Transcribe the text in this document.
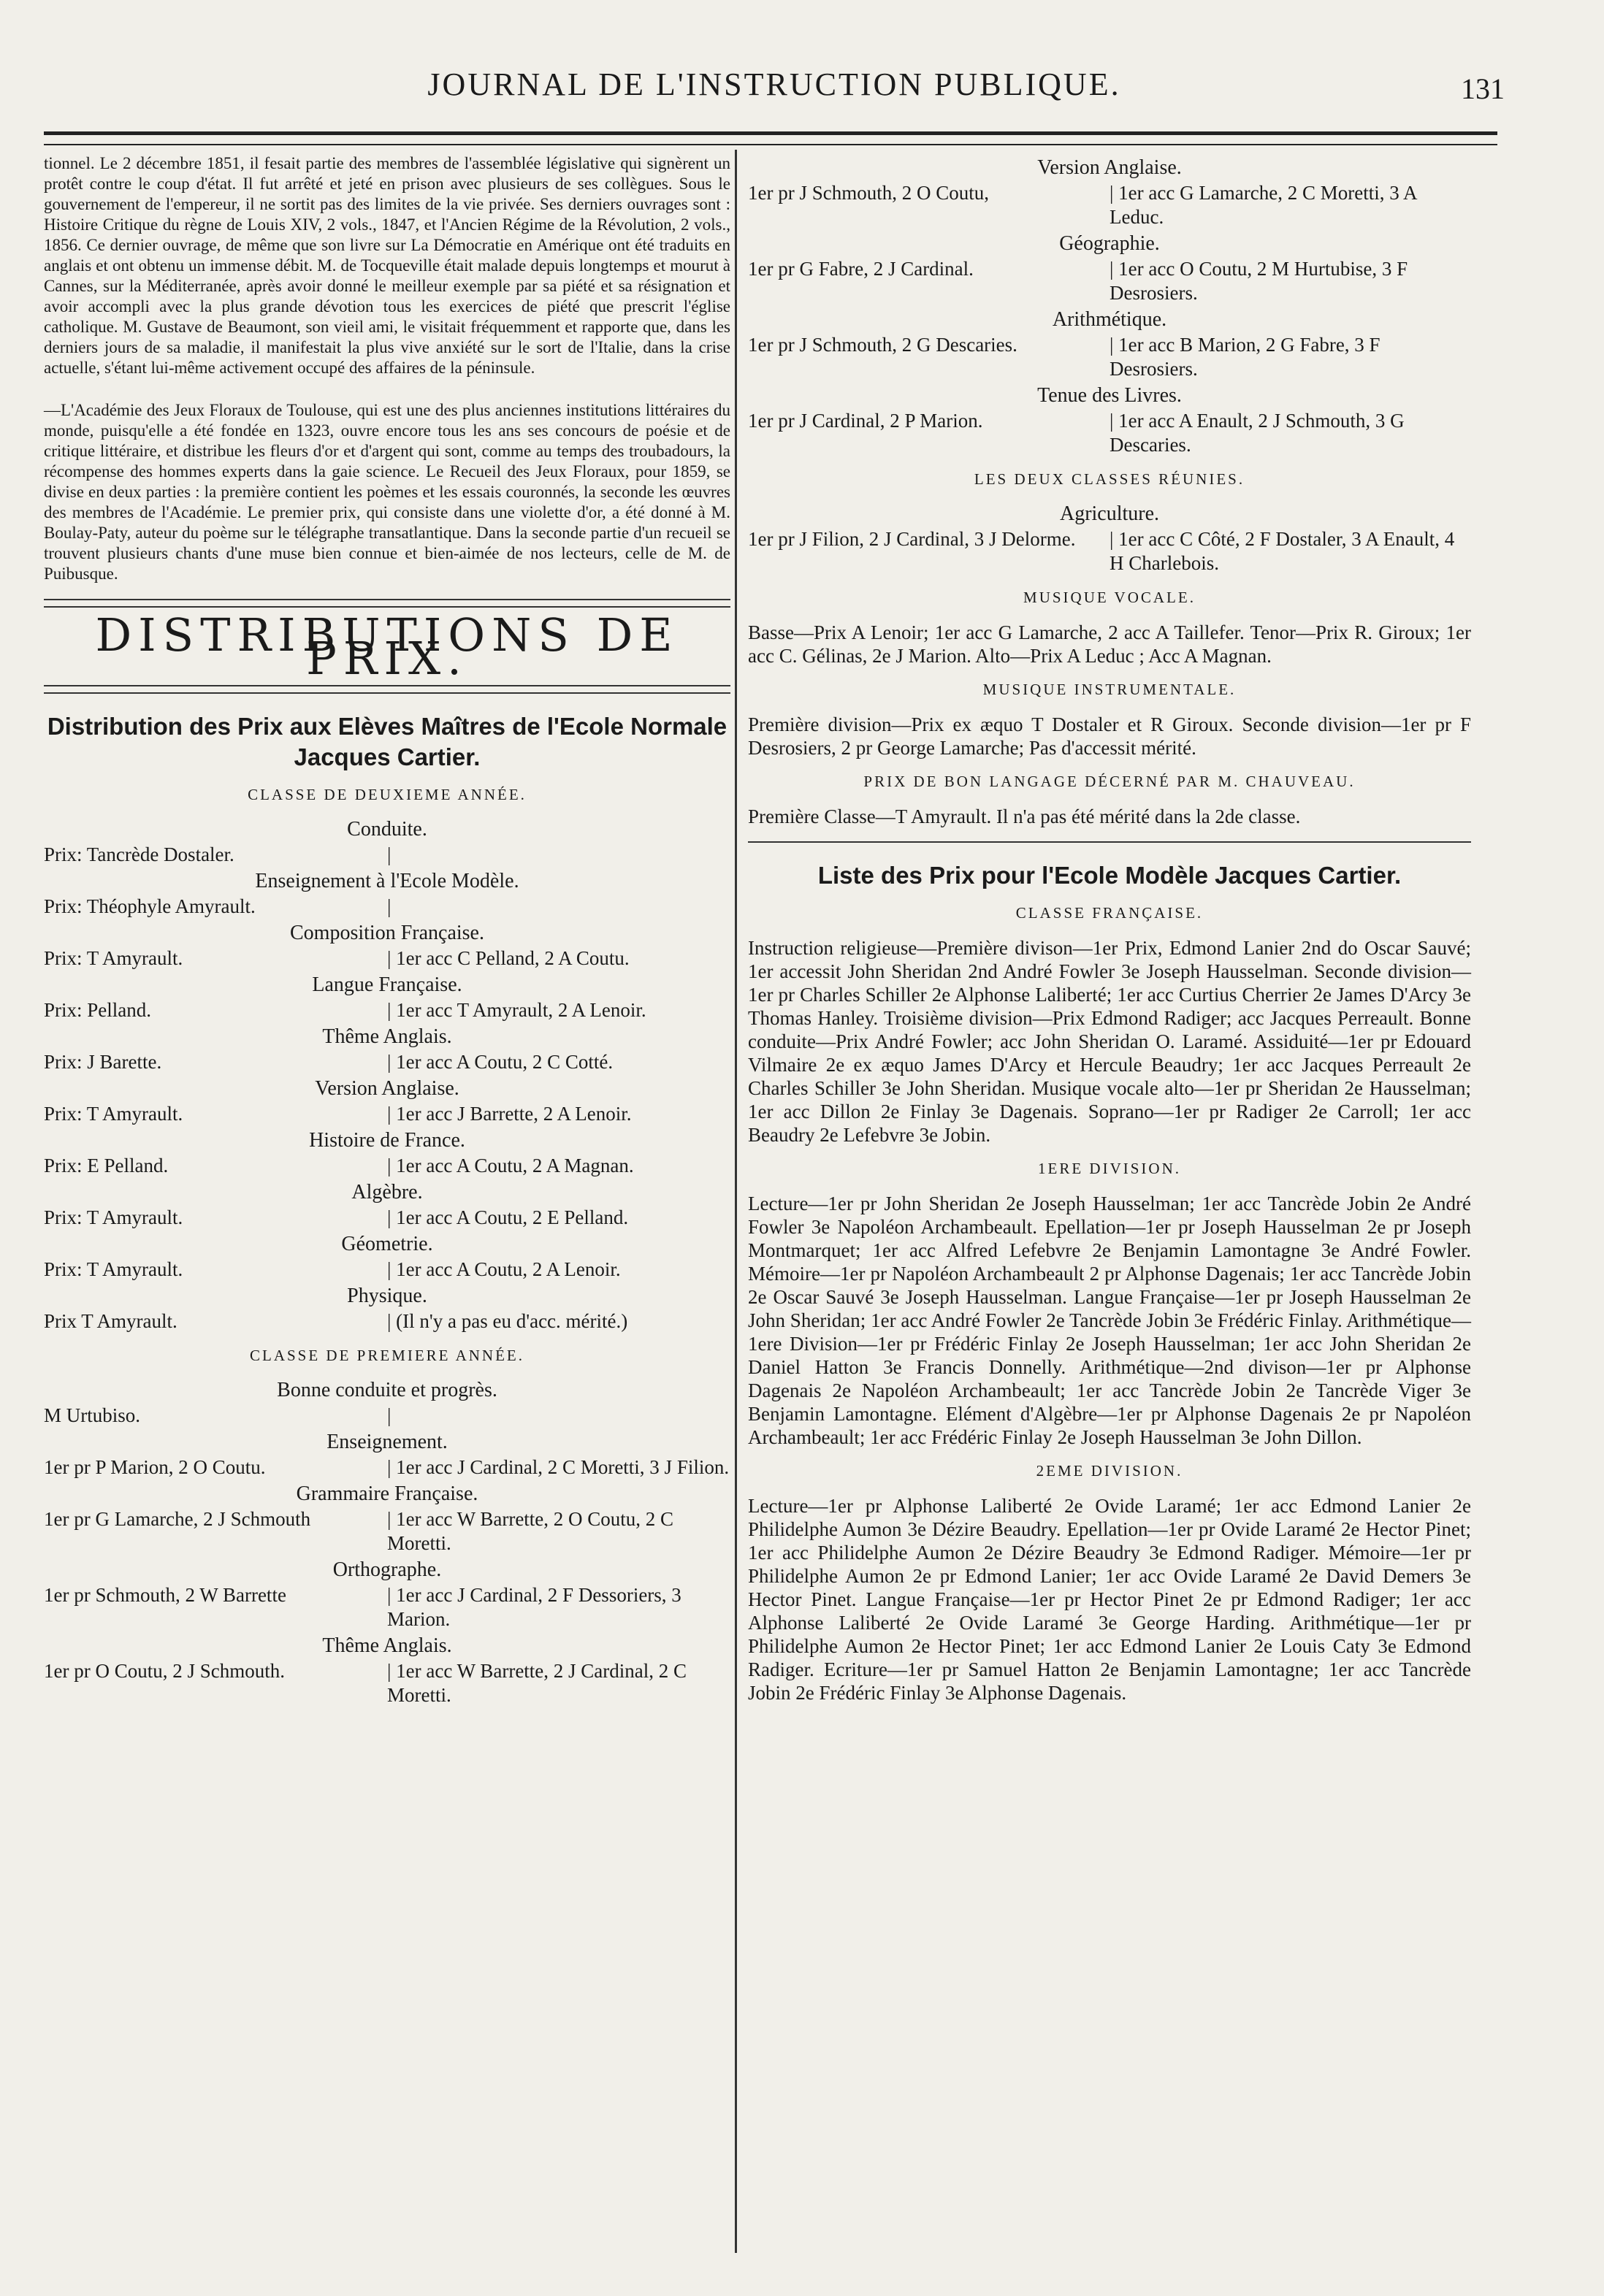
JOURNAL DE L'INSTRUCTION PUBLIQUE.	131

tionnel. Le 2 décembre 1851, il fesait partie des membres de l'assemblée législative qui signèrent un protêt contre le coup d'état. Il fut arrêté et jeté en prison avec plusieurs de ses collègues. Sous le gouvernement de l'empereur, il ne sortit pas des limites de la vie privée. Ses derniers ouvrages sont : Histoire Critique du règne de Louis XIV, 2 vols., 1847, et l'Ancien Régime de la Révolution, 2 vols., 1856. Ce dernier ouvrage, de même que son livre sur La Démocratie en Amérique ont été traduits en anglais et ont obtenu un immense débit. M. de Tocqueville était malade depuis longtemps et mourut à Cannes, sur la Méditerranée, après avoir donné le meilleur exemple par sa piété et sa résignation et avoir accompli avec la plus grande dévotion tous les exercices de piété que prescrit l'église catholique. M. Gustave de Beaumont, son vieil ami, le visitait fréquemment et rapporte que, dans les derniers jours de sa maladie, il manifestait la plus vive anxiété sur le sort de l'Italie, dans la crise actuelle, s'étant lui-même activement occupé des affaires de la péninsule.

—L'Académie des Jeux Floraux de Toulouse, qui est une des plus anciennes institutions littéraires du monde, puisqu'elle a été fondée en 1323, ouvre encore tous les ans ses concours de poésie et de critique littéraire, et distribue les fleurs d'or et d'argent qui sont, comme au temps des troubadours, la récompense des hommes experts dans la gaie science. Le Recueil des Jeux Floraux, pour 1859, se divise en deux parties : la première contient les poèmes et les essais couronnés, la seconde les œuvres des membres de l'Académie. Le premier prix, qui consiste dans une violette d'or, a été donné à M. Boulay-Paty, auteur du poème sur le télégraphe transatlantique. Dans la seconde partie d'un recueil se trouvent plusieurs chants d'une muse bien connue et bien-aimée de nos lecteurs, celle de M. de Puibusque.

DISTRIBUTIONS DE PRIX.
Distribution des Prix aux Elèves Maîtres de l'Ecole Normale Jacques Cartier.
CLASSE DE DEUXIEME ANNÉE.
Conduite.
Prix: Tancrède Dostaler.
|
Enseignement à l'Ecole Modèle.
Prix: Théophyle Amyrault.
|
Composition Française.
Prix: T Amyrault.	| 1er acc C Pelland, 2 A Coutu.
Langue Française.
Prix: Pelland.	| 1er acc T Amyrault, 2 A Lenoir.
Thême Anglais.
Prix: J Barette.	| 1er acc A Coutu, 2 C Cotté.
Version Anglaise.
Prix: T Amyrault.	| 1er acc J Barrette, 2 A Lenoir.
Histoire de France.
Prix: E Pelland.	| 1er acc A Coutu, 2 A Magnan.
Algèbre.
Prix: T Amyrault.	| 1er acc A Coutu, 2 E Pelland.
Géometrie.
Prix: T Amyrault.	| 1er acc A Coutu, 2 A Lenoir.
Physique.
Prix T Amyrault.	| (Il n'y a pas eu d'acc. mérité.)
CLASSE DE PREMIERE ANNÉE.
Bonne conduite et progrès.
M Urtubiso.
|
Enseignement.
1er pr P Marion, 2 O Coutu.	| 1er acc J Cardinal, 2 C Moretti, 3 J Filion.
Grammaire Française.
1er pr G Lamarche, 2 J Schmouth	| 1er acc W Barrette, 2 O Coutu, 2 C Moretti.
Orthographe.
1er pr Schmouth, 2 W Barrette	| 1er acc J Cardinal, 2 F Dessoriers, 3 Marion.
Thême Anglais.
1er pr O Coutu, 2 J Schmouth.	| 1er acc W Barrette, 2 J Cardinal, 2 C Moretti.
Version Anglaise.
1er pr J Schmouth, 2 O Coutu,	| 1er acc G Lamarche, 2 C Moretti, 3 A Leduc.
Géographie.
1er pr G Fabre, 2 J Cardinal.	| 1er acc O Coutu, 2 M Hurtubise, 3 F Desrosiers.
Arithmétique.
1er pr J Schmouth, 2 G Descaries.	| 1er acc B Marion, 2 G Fabre, 3 F Desrosiers.
Tenue des Livres.
1er pr J Cardinal, 2 P Marion.	| 1er acc A Enault, 2 J Schmouth, 3 G Descaries.
LES DEUX CLASSES RÉUNIES.
Agriculture.
1er pr J Filion, 2 J Cardinal, 3 J Delorme.	| 1er acc C Côté, 2 F Dostaler, 3 A Enault, 4 H Charlebois.
MUSIQUE VOCALE.

Basse—Prix A Lenoir; 1er acc G Lamarche, 2 acc A Taillefer. Tenor—Prix R. Giroux; 1er acc C. Gélinas, 2e J Marion. Alto—Prix A Leduc ; Acc A Magnan.

MUSIQUE INSTRUMENTALE.

Première division—Prix ex æquo T Dostaler et R Giroux. Seconde division—1er pr F Desrosiers, 2 pr George Lamarche; Pas d'accessit mérité.

PRIX DE BON LANGAGE DÉCERNÉ PAR M. CHAUVEAU.

Première Classe—T Amyrault. Il n'a pas été mérité dans la 2de classe.

Liste des Prix pour l'Ecole Modèle Jacques Cartier.
CLASSE FRANÇAISE.

Instruction religieuse—Première divison—1er Prix, Edmond Lanier 2nd do Oscar Sauvé; 1er accessit John Sheridan 2nd André Fowler 3e Joseph Hausselman. Seconde division—1er pr Charles Schiller 2e Alphonse Laliberté; 1er acc Curtius Cherrier 2e James D'Arcy 3e Thomas Hanley. Troisième division—Prix Edmond Radiger; acc Jacques Perreault. Bonne conduite—Prix André Fowler; acc John Sheridan O. Laramé. Assiduité—1er pr Edouard Vilmaire 2e ex æquo James D'Arcy et Hercule Beaudry; 1er acc Jacques Perreault 2e Charles Schiller 3e John Sheridan. Musique vocale alto—1er pr Sheridan 2e Hausselman; 1er acc Dillon 2e Finlay 3e Dagenais. Soprano—1er pr Radiger 2e Carroll; 1er acc Beaudry 2e Lefebvre 3e Jobin.

1ERE DIVISION.

Lecture—1er pr John Sheridan 2e Joseph Hausselman; 1er acc Tancrède Jobin 2e André Fowler 3e Napoléon Archambeault. Epellation—1er pr Joseph Hausselman 2e pr Joseph Montmarquet; 1er acc Alfred Lefebvre 2e Benjamin Lamontagne 3e André Fowler. Mémoire—1er pr Napoléon Archambeault 2 pr Alphonse Dagenais; 1er acc Tancrède Jobin 2e Oscar Sauvé 3e Joseph Hausselman. Langue Française—1er pr Joseph Hausselman 2e John Sheridan; 1er acc André Fowler 2e Tancrède Jobin 3e Frédéric Finlay. Arithmétique—1ere Division—1er pr Frédéric Finlay 2e Joseph Hausselman; 1er acc John Sheridan 2e Daniel Hatton 3e Francis Donnelly. Arithmétique—2nd divison—1er pr Alphonse Dagenais 2e Napoléon Archambeault; 1er acc Tancrède Jobin 2e Tancrède Viger 3e Benjamin Lamontagne. Elément d'Algèbre—1er pr Alphonse Dagenais 2e pr Napoléon Archambeault; 1er acc Frédéric Finlay 2e Joseph Hausselman 3e John Dillon.

2EME DIVISION.

Lecture—1er pr Alphonse Laliberté 2e Ovide Laramé; 1er acc Edmond Lanier 2e Philidelphe Aumon 3e Dézire Beaudry. Epellation—1er pr Ovide Laramé 2e Hector Pinet; 1er acc Philidelphe Aumon 2e Dézire Beaudry 3e Edmond Radiger. Mémoire—1er pr Philidelphe Aumon 2e pr Edmond Lanier; 1er acc Ovide Laramé 2e David Demers 3e Hector Pinet. Langue Française—1er pr Hector Pinet 2e pr Edmond Radiger; 1er acc Alphonse Laliberté 2e Ovide Laramé 3e George Harding. Arithmétique—1er pr Philidelphe Aumon 2e Hector Pinet; 1er acc Edmond Lanier 2e Louis Caty 3e Edmond Radiger. Ecriture—1er pr Samuel Hatton 2e Benjamin Lamontagne; 1er acc Tancrède Jobin 2e Frédéric Finlay 3e Alphonse Dagenais.
